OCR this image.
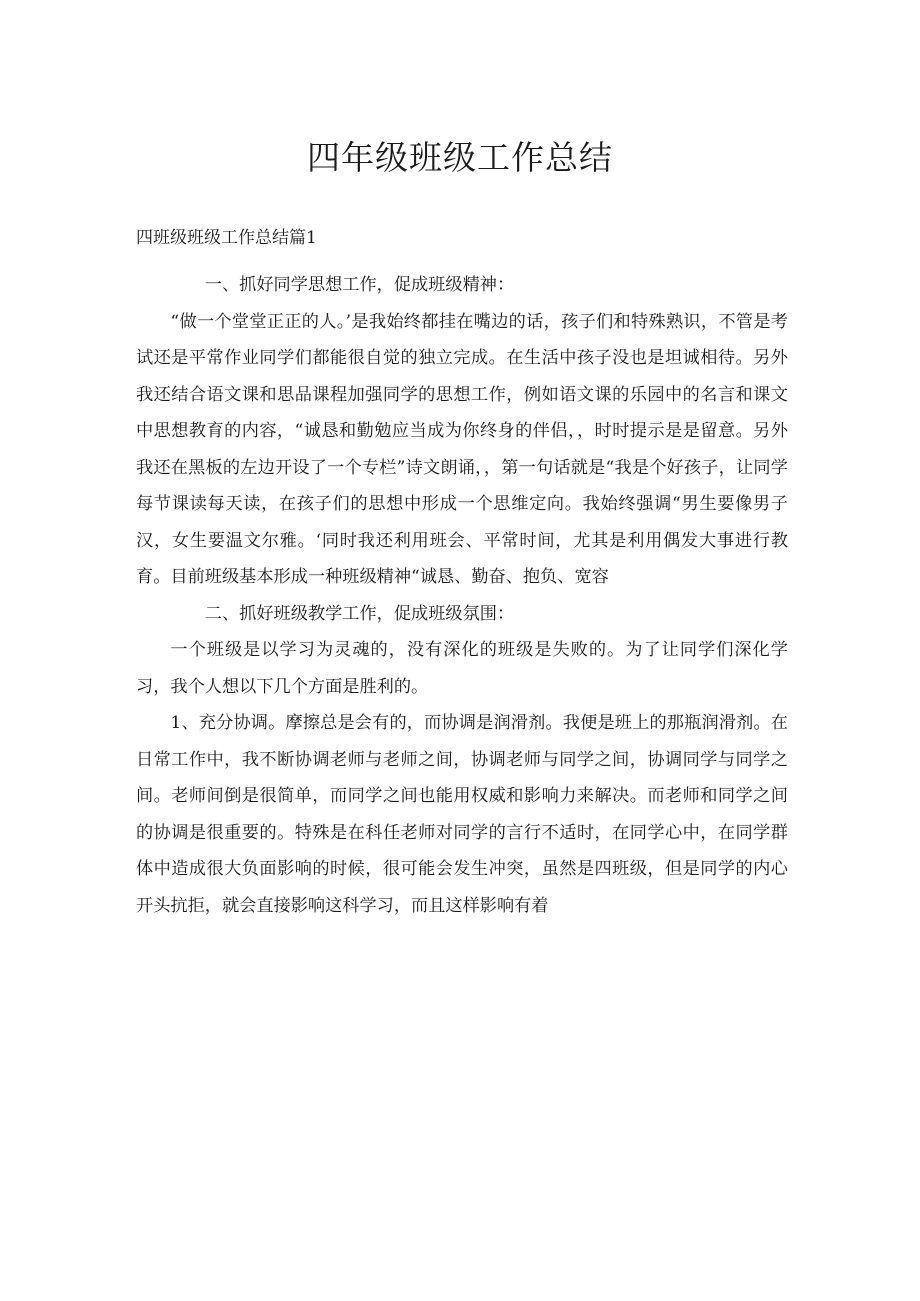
四年级班级工作总结
四班级班级工作总结篇1

一、抓好同学思想工作，促成班级精神：

“做一个堂堂正正的人。’是我始终都挂在嘴边的话，孩子们和特殊熟识，不管是考试还是平常作业同学们都能很自觉的独立完成。在生活中孩子没也是坦诚相待。另外我还结合语文课和思品课程加强同学的思想工作，例如语文课的乐园中的名言和课文中思想教育的内容，“诚恳和勤勉应当成为你终身的伴侣，，时时提示是是留意。另外我还在黑板的左边开设了一个专栏”诗文朗诵，，第一句话就是“我是个好孩子，让同学每节课读每天读，在孩子们的思想中形成一个思维定向。我始终强调“男生要像男子汉，女生要温文尔雅。‘同时我还利用班会、平常时间，尤其是利用偶发大事进行教育。目前班级基本形成一种班级精神“诚恳、勤奋、抱负、宽容

二、抓好班级教学工作，促成班级氛围：

一个班级是以学习为灵魂的，没有深化的班级是失败的。为了让同学们深化学习，我个人想以下几个方面是胜利的。

1、充分协调。摩擦总是会有的，而协调是润滑剂。我便是班上的那瓶润滑剂。在日常工作中，我不断协调老师与老师之间，协调老师与同学之间，协调同学与同学之间。老师间倒是很简单，而同学之间也能用权威和影响力来解决。而老师和同学之间的协调是很重要的。特殊是在科任老师对同学的言行不适时，在同学心中，在同学群体中造成很大负面影响的时候，很可能会发生冲突，虽然是四班级，但是同学的内心开头抗拒，就会直接影响这科学习，而且这样影响有着
